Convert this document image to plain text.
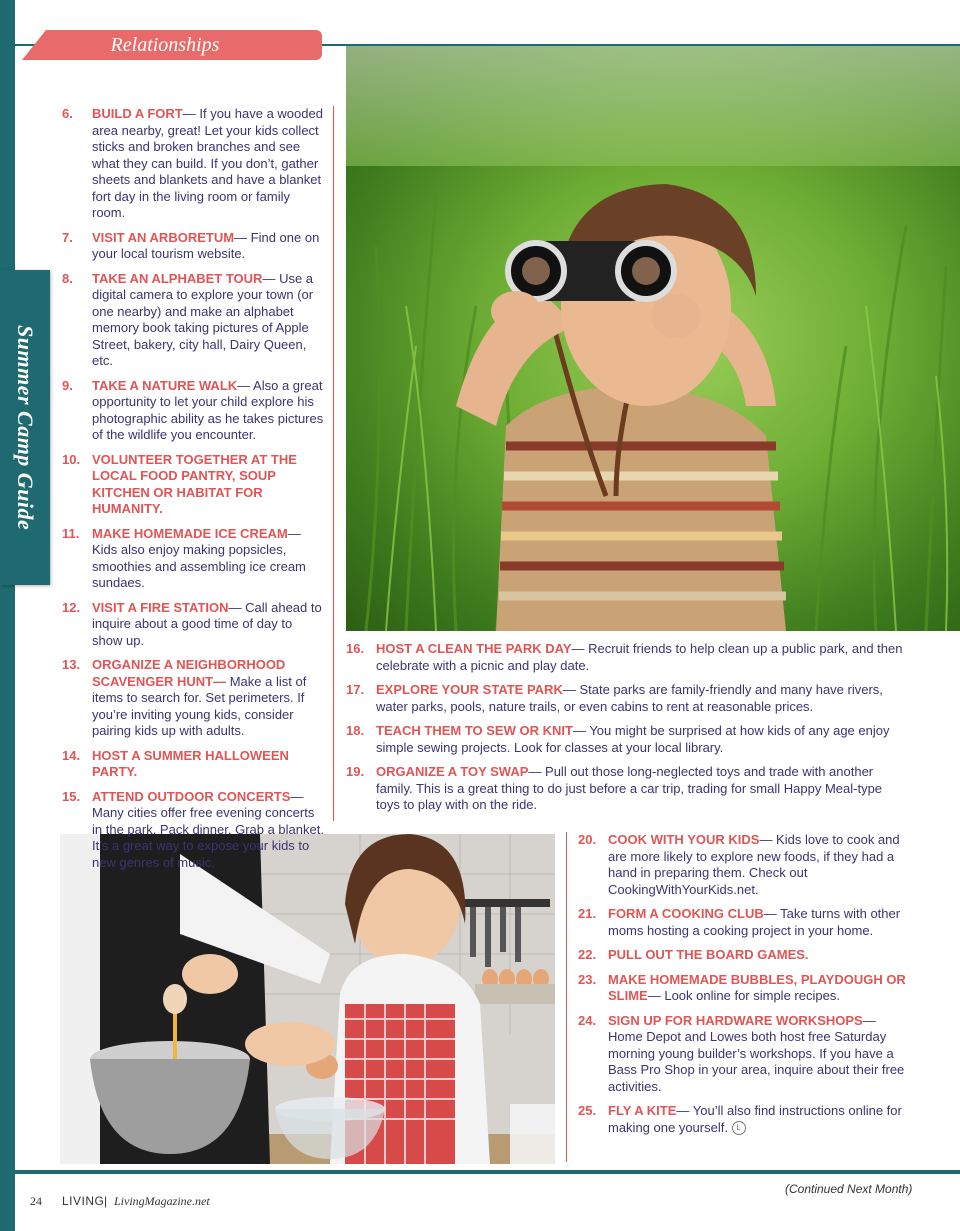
Relationships
Summer Camp Guide
6.	BUILD A FORT— If you have a wooded area nearby, great! Let your kids collect sticks and broken branches and see what they can build. If you don’t, gather sheets and blankets and have a blanket fort day in the living room or family room.
7.	VISIT AN ARBORETUM— Find one on your local tourism website.
8.	TAKE AN ALPHABET TOUR— Use a digital camera to explore your town (or one nearby) and make an alphabet memory book taking pictures of Apple Street, bakery, city hall, Dairy Queen, etc.
9.	TAKE A NATURE WALK— Also a great opportunity to let your child explore his photographic ability as he takes pictures of the wildlife you encounter.
10. VOLUNTEER TOGETHER AT THE LOCAL FOOD PANTRY, SOUP KITCHEN OR HABITAT FOR HUMANITY.
11. MAKE HOMEMADE ICE CREAM— Kids also enjoy making popsicles, smoothies and assembling ice cream sundaes.
12. VISIT A FIRE STATION— Call ahead to inquire about a good time of day to show up.
13. ORGANIZE A NEIGHBORHOOD SCAVENGER HUNT— Make a list of items to search for. Set perimeters. If you’re inviting young kids, consider pairing kids up with adults.
14. HOST A SUMMER HALLOWEEN PARTY.
15. ATTEND OUTDOOR CONCERTS— Many cities offer free evening concerts in the park. Pack dinner. Grab a blanket. It’s a great way to expose your kids to new genres of music.
16. HOST A CLEAN THE PARK DAY— Recruit friends to help clean up a public park, and then celebrate with a picnic and play date.
17. EXPLORE YOUR STATE PARK— State parks are family-friendly and many have rivers, water parks, pools, nature trails, or even cabins to rent at reasonable prices.
18. TEACH THEM TO SEW OR KNIT— You might be surprised at how kids of any age enjoy simple sewing projects. Look for classes at your local library.
19. ORGANIZE A TOY SWAP— Pull out those long-neglected toys and trade with another family. This is a great thing to do just before a car trip, trading for small Happy Meal-type toys to play with on the ride.
20. COOK WITH YOUR KIDS— Kids love to cook and are more likely to explore new foods, if they had a hand in preparing them. Check out CookingWithYourKids.net.
21. FORM A COOKING CLUB— Take turns with other moms hosting a cooking project in your home.
22. PULL OUT THE BOARD GAMES.
23. MAKE HOMEMADE BUBBLES, PLAYDOUGH OR SLIME— Look online for simple recipes.
24. SIGN UP FOR HARDWARE WORKSHOPS— Home Depot and Lowes both host free Saturday morning young builder’s workshops. If you have a Bass Pro Shop in your area, inquire about their free activities.
25. FLY A KITE— You’ll also find instructions online for making one yourself. L
24 LIVING | LivingMagazine.net
(Continued Next Month)
